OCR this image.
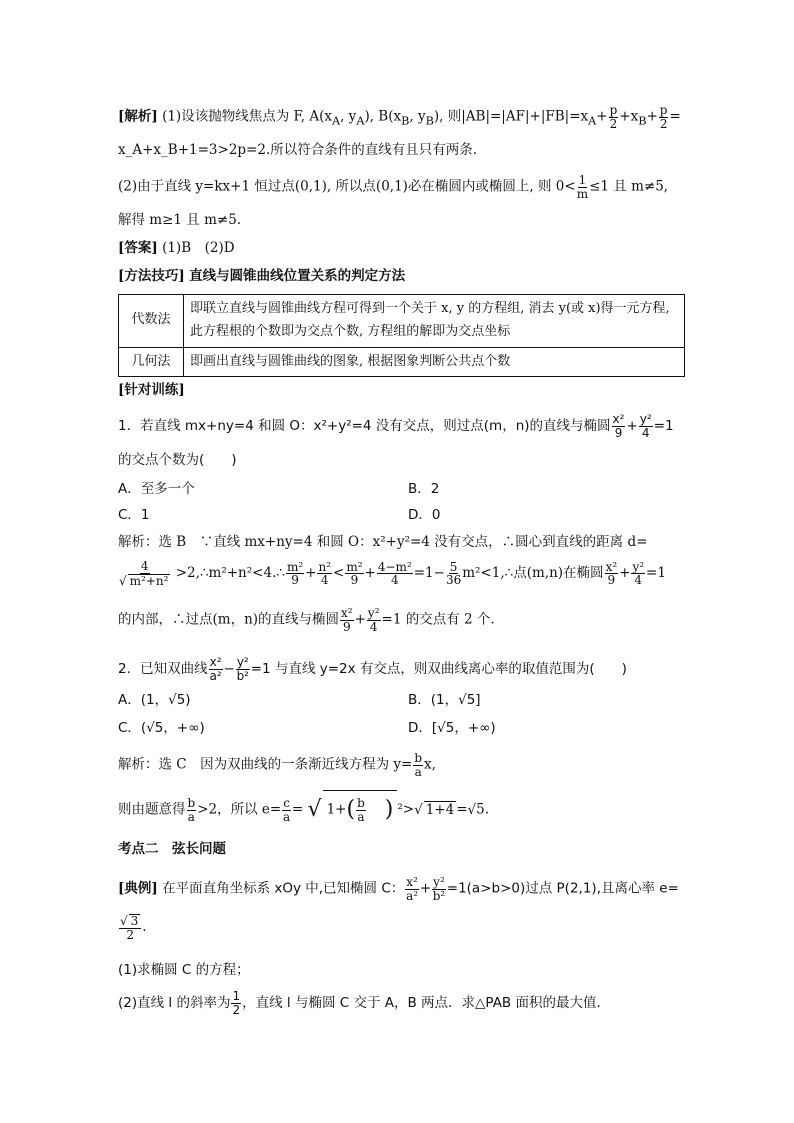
[解析] (1)设该抛物线焦点为 F, $A(x_A$, $y_A$), $B(x_B$, $y_B$), 则$|AB|=|AF|+|FB|=x_A+ \frac{p}{2} +x_B+ \frac{p}{2}$ =
x_A+x_B+1=3>2p=2.所以符合条件的直线有且只有两条.
(2)由于直线 y=kx+1 恒过点(0,1), 所以点(0,1)必在椭圆内或椭圆上, 则 $0< \frac{1}{m} \le 1$ 且 m≠5,
解得 m≥1 且 m≠5.
[答案] (1)B　(2)D
[方法技巧] 直线与圆锥曲线位置关系的判定方法
代数法	即联立直线与圆锥曲线方程可得到一个关于 x, y 的方程组, 消去 y(或 x)得一元方程, 此方程根的个数即为交点个数, 方程组的解即为交点坐标
几何法	即画出直线与圆锥曲线的图象, 根据图象判断公共点个数
[针对训练]
1．若直线 mx+ny=4 和圆 O：x²+y²=4 没有交点，则过点(m，n)的直线与椭圆 $\frac{\text{x²}}{9} + \frac{\text{y²}}{4} =1$
的交点个数为(　　)
A．至多一个	B．2
C．1	D．0
解析：选 B　∵直线 mx+ny=4 和圆 O：x²+y²=4 没有交点，∴圆心到直线的距离 d=
4
√ m²+n² >2,∴m²+n²<4.∴ $\frac{\text{m²}}{9} + \frac{\text{n²}}{4} < \frac{\text{m²}}{9} + \frac{\text{4−m²}}{4} =1- \frac{5}{36}$ m²<1,∴点(m,n)在椭圆 $\frac{\text{x²}}{9} + \frac{\text{y²}}{4} =1$
的内部，∴过点(m，n)的直线与椭圆 $\frac{\text{x²}}{9} + \frac{\text{y²}}{4} =1$ 的交点有 2 个.
2．已知双曲线 $\frac{\text{x²}}{\text{a²}} - \frac{\text{y²}}{\text{b²}} =1$ 与直线 y=2x 有交点，则双曲线离心率的取值范围为(　　)
A．(1，√5)	B．(1，√5]
C．(√5，+∞)	D．[√5，+∞)
解析：选 C　因为双曲线的一条渐近线方程为 $y= \frac{b}{a} x$,
则由题意得 $\frac{b}{a} >2$，所以 $e= \frac{c}{a}$ = √ $1+( \frac{b}{a}$ ) ²> √ 1+4 = √ 5.
考点二　弦长问题
[典例] 在平面直角坐标系 xOy 中,已知椭圆 C： $\frac{\text{x²}}{\text{a²}} + \frac{\text{y²}}{\text{b²}} =1(a>b>0)$过点 P(2,1),且离心率 e=
√ $\frac{3}{2}$ .
(1)求椭圆 C 的方程；
(2)直线 l 的斜率为 $\frac{1}{2}$ ，直线 l 与椭圆 C 交于 A，B 两点．求△PAB 面积的最大值.
